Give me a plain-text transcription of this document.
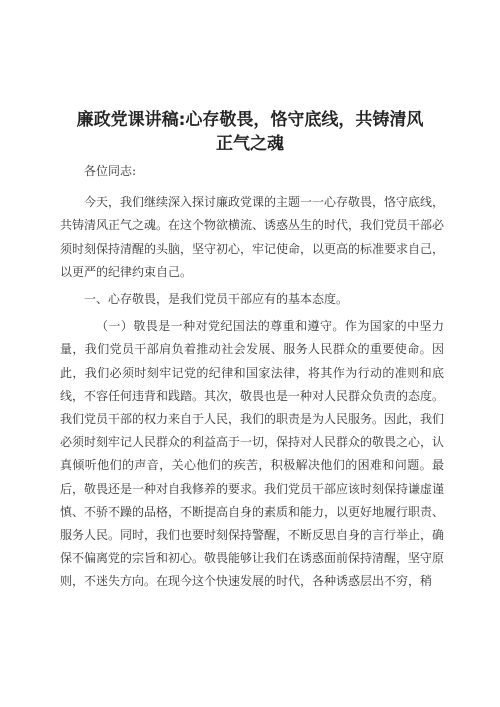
廉政党课讲稿:心存敬畏，恪守底线，共铸清风
正气之魂

各位同志:

今天，我们继续深入探讨廉政党课的主题一一心存敬畏，恪守底线，共铸清风正气之魂。在这个物欲横流、诱惑丛生的时代，我们党员干部必须时刻保持清醒的头脑，坚守初心，牢记使命，以更高的标准要求自己，以更严的纪律约束自己。

一、心存敬畏，是我们党员干部应有的基本态度。

（一）敬畏是一种对党纪国法的尊重和遵守。作为国家的中坚力量，我们党员干部肩负着推动社会发展、服务人民群众的重要使命。因此，我们必须时刻牢记党的纪律和国家法律，将其作为行动的准则和底线，不容任何违背和践踏。其次，敬畏也是一种对人民群众负责的态度。我们党员干部的权力来自于人民，我们的职责是为人民服务。因此，我们必须时刻牢记人民群众的利益高于一切，保持对人民群众的敬畏之心，认真倾听他们的声音，关心他们的疾苦，积极解决他们的困难和问题。最后，敬畏还是一种对自我修养的要求。我们党员干部应该时刻保持谦虚谨慎、不骄不躁的品格，不断提高自身的素质和能力，以更好地履行职责、服务人民。同时，我们也要时刻保持警醒，不断反思自身的言行举止，确保不偏离党的宗旨和初心。敬畏能够让我们在诱惑面前保持清醒，坚守原则，不迷失方向。在现今这个快速发展的时代，各种诱惑层出不穷，稍
